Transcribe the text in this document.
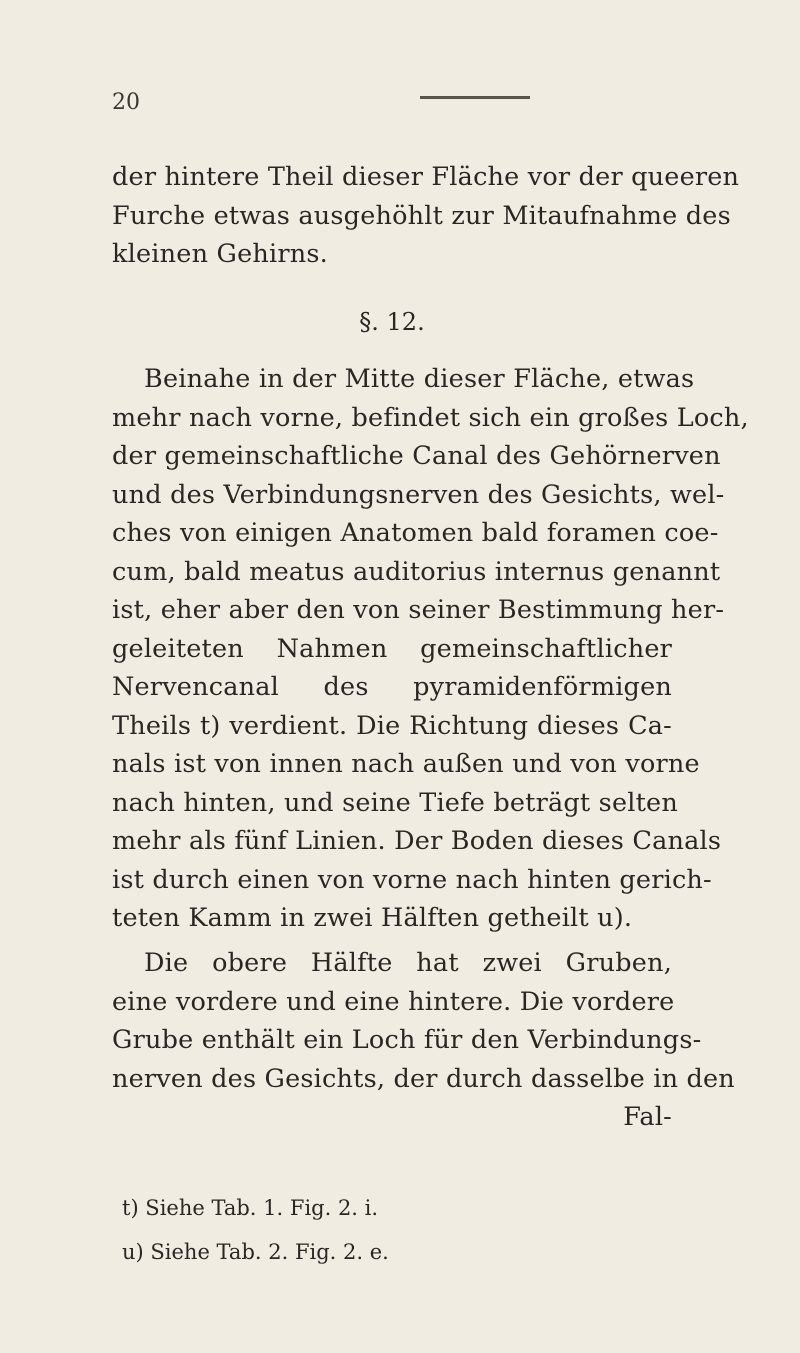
20
der hintere Theil dieser Fläche vor der queeren
Furche etwas ausgehöhlt zur Mitaufnahme des
kleinen Gehirns.
§. 12.
Beinahe in der Mitte dieser Fläche, etwas
mehr nach vorne, befindet sich ein großes Loch,
der gemeinschaftliche Canal des Gehörnerven
und des Verbindungsnerven des Gesichts, wel-
ches von einigen Anatomen bald foramen coe-
cum, bald meatus auditorius internus genannt
ist, eher aber den von seiner Bestimmung her-
geleiteten Nahmen gemeinschaftlicher
Nervencanal des pyramidenförmigen
Theils t) verdient. Die Richtung dieses Ca-
nals ist von innen nach außen und von vorne
nach hinten, und seine Tiefe beträgt selten
mehr als fünf Linien. Der Boden dieses Canals
ist durch einen von vorne nach hinten gerich-
teten Kamm in zwei Hälften getheilt u).
Die obere Hälfte hat zwei Gruben,
eine vordere und eine hintere. Die vordere
Grube enthält ein Loch für den Verbindungs-
nerven des Gesichts, der durch dasselbe in den
Fal-
t) Siehe Tab. 1. Fig. 2. i.
u) Siehe Tab. 2. Fig. 2. e.
